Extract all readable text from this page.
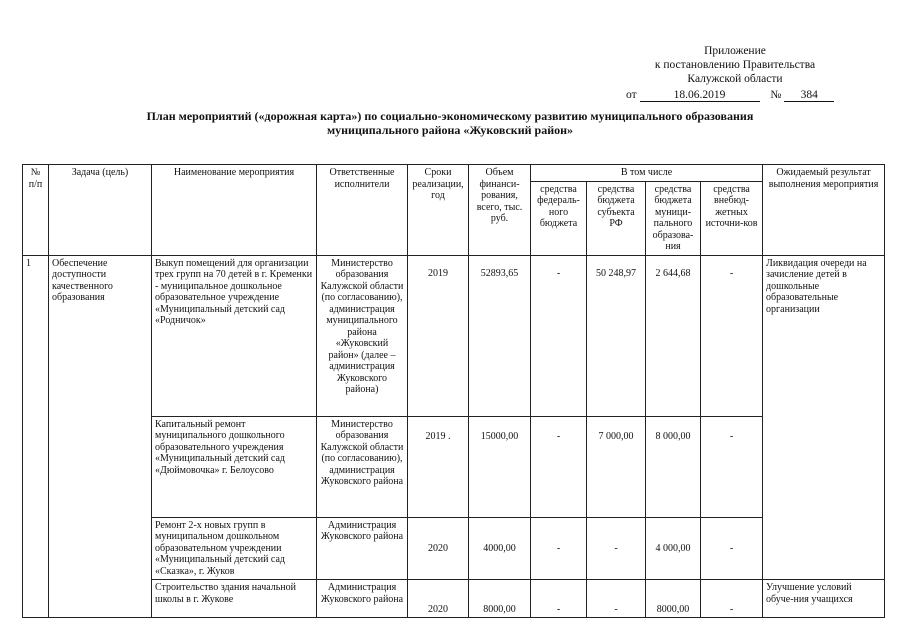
Приложение
к постановлению Правительства
Калужской области
от	18.06.2019	№ 384
План мероприятий («дорожная карта») по социально-экономическому развитию муниципального образования
муниципального района «Жуковский район»
№ п/п	Задача (цель)	Наименование мероприятия	Ответственные исполнители	Сроки реализации, год	Объем финанси-рования, всего, тыс. руб.	В том числе				Ожидаемый результат выполнения мероприятия
						средства федераль-ного бюджета	средства бюджета субъекта РФ	средства бюджета муници-пального образова-ния	средства внебюд-жетных источни-ков	
1	Обеспечение доступности качественного образования	Выкуп помещений для организации трех групп на 70 детей в г. Кременки - муниципальное дошкольное образовательное учреждение «Муниципальный детский сад «Родничок»	Министерство образования Калужской области (по согласованию), администрация муниципального района «Жуковский район» (далее – администрация Жуковского района)	2019	52893,65	-	50 248,97	2 644,68	-	Ликвидация очереди на зачисление детей в дошкольные образовательные организации
		Капитальный ремонт муниципального дошкольного образовательного учреждения «Муниципальный детский сад «Дюймовочка» г. Белоусово	Министерство образования Калужской области (по согласованию), администрация Жуковского района	2019 .	15000,00	-	7 000,00	8 000,00	-	
		Ремонт 2-х новых групп в муниципальном дошкольном образовательном учреждении «Муниципальный детский сад «Сказка», г. Жуков	Администрация Жуковского района	2020	4000,00	-	-	4 000,00	-	
		Строительство здания начальной школы в г. Жукове	Администрация Жуковского района	2020	8000,00	-	-	8000,00	-	Улучшение условий обуче-ния учащихся
